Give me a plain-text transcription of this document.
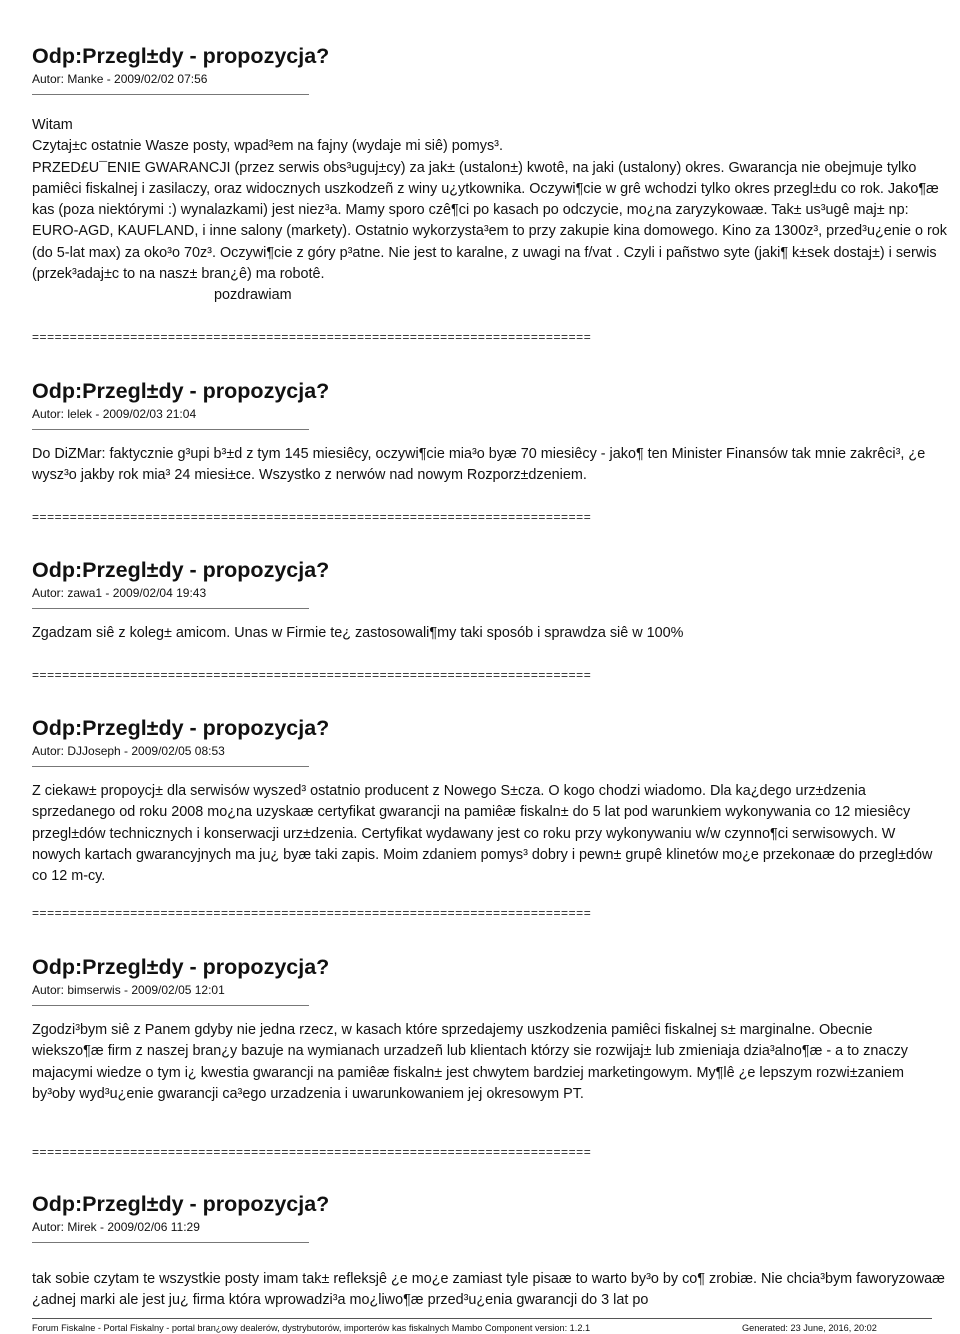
Odp:Przegl±dy - propozycja?
Autor: Manke - 2009/02/02 07:56

Witam

Czytaj±c ostatnie Wasze posty, wpad³em na fajny (wydaje mi siê) pomys³.

PRZED£U¯ENIE GWARANCJI (przez serwis obs³uguj±cy) za jak± (ustalon±) kwotê, na jaki (ustalony) okres. Gwarancja nie obejmuje tylko pamiêci fiskalnej i zasilaczy, oraz widocznych uszkodzeñ z winy u¿ytkownika. Oczywi¶cie w grê wchodzi tylko okres przegl±du co rok. Jako¶æ kas (poza niektórymi :) wynalazkami) jest niez³a. Mamy sporo czê¶ci po kasach po odczycie, mo¿na zaryzykowaæ. Tak± us³ugê maj± np: EURO-AGD, KAUFLAND, i inne salony (markety). Ostatnio wykorzysta³em to przy zakupie kina domowego. Kino za 1300z³, przed³u¿enie o rok (do 5-lat max) za oko³o 70z³. Oczywi¶cie z góry p³atne. Nie jest to karalne, z uwagi na f/vat . Czyli i pañstwo syte (jaki¶ k±sek dostaj±) i serwis (przek³adaj±c to na nasz± bran¿ê) ma robotê.

pozdrawiam

==========================================================================
Odp:Przegl±dy - propozycja?
Autor: lelek - 2009/02/03 21:04

Do DiZMar: faktycznie g³upi b³±d z tym 145 miesiêcy, oczywi¶cie mia³o byæ 70 miesiêcy - jako¶ ten Minister Finansów tak mnie zakrêci³, ¿e wysz³o jakby rok mia³ 24 miesi±ce. Wszystko z nerwów nad nowym Rozporz±dzeniem.

==========================================================================
Odp:Przegl±dy - propozycja?
Autor: zawa1 - 2009/02/04 19:43

Zgadzam siê z koleg± amicom. Unas w Firmie te¿ zastosowali¶my taki sposób i sprawdza siê w 100%

==========================================================================
Odp:Przegl±dy - propozycja?
Autor: DJJoseph - 2009/02/05 08:53

Z ciekaw± propoycj± dla serwisów wyszed³ ostatnio producent z Nowego S±cza. O kogo chodzi wiadomo. Dla ka¿dego urz±dzenia sprzedanego od roku 2008 mo¿na uzyskaæ certyfikat gwarancji na pamiêæ fiskaln± do 5 lat pod warunkiem wykonywania co 12 miesiêcy przegl±dów technicznych i konserwacji urz±dzenia. Certyfikat wydawany jest co roku przy wykonywaniu w/w czynno¶ci serwisowych. W nowych kartach gwarancyjnych ma ju¿ byæ taki zapis. Moim zdaniem pomys³ dobry i pewn± grupê klinetów mo¿e przekonaæ do przegl±dów co 12 m-cy.

==========================================================================
Odp:Przegl±dy - propozycja?
Autor: bimserwis - 2009/02/05 12:01

Zgodzi³bym siê z Panem gdyby nie jedna rzecz, w kasach które sprzedajemy uszkodzenia pamiêci fiskalnej s± marginalne. Obecnie wiekszo¶æ firm z naszej bran¿y bazuje na wymianach urzadzeñ lub klientach którzy sie rozwijaj± lub zmieniaja dzia³alno¶æ - a to znaczy majacymi wiedze o tym i¿ kwestia gwarancji na pamiêæ fiskaln± jest chwytem bardziej marketingowym. My¶lê ¿e lepszym rozwi±zaniem by³oby wyd³u¿enie gwarancji ca³ego urzadzenia i uwarunkowaniem jej okresowym PT.

==========================================================================
Odp:Przegl±dy - propozycja?
Autor: Mirek - 2009/02/06 11:29

tak sobie czytam te wszystkie posty imam tak± refleksjê ¿e mo¿e zamiast tyle pisaæ to warto by³o by co¶ zrobiæ. Nie chcia³bym faworyzowaæ ¿adnej marki ale jest ju¿ firma która wprowadzi³a mo¿liwo¶æ przed³u¿enia gwarancji do 3 lat po

Forum Fiskalne - Portal Fiskalny - portal bran¿owy dealerów, dystrybutorów, importerów kas fiskalnych Mambo Component version: 1.2.1	Generated: 23 June, 2016, 20:02
